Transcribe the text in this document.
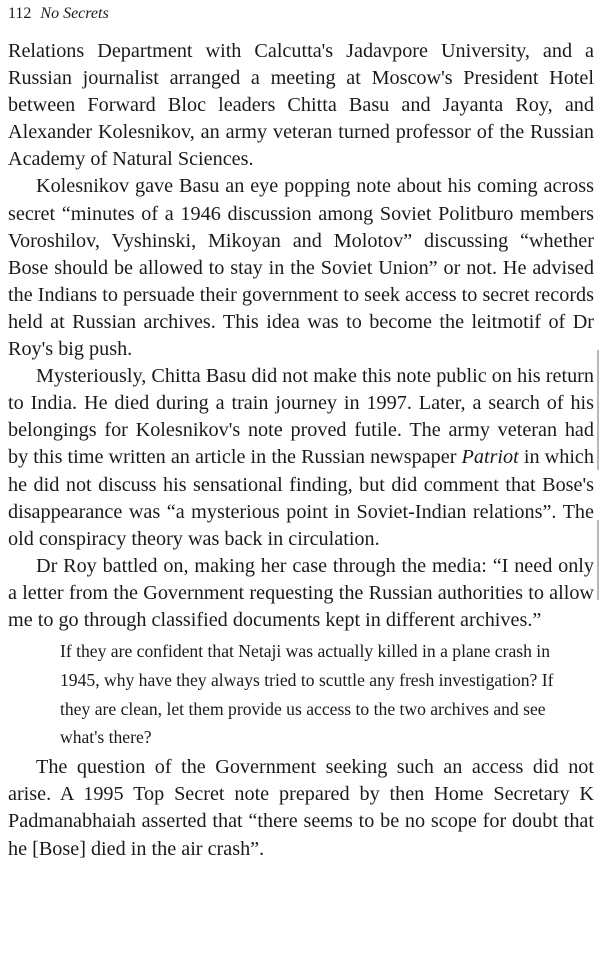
112 No Secrets

Relations Department with Calcutta's Jadavpore University, and a Russian journalist arranged a meeting at Moscow's President Hotel between Forward Bloc leaders Chitta Basu and Jayanta Roy, and Alexander Kolesnikov, an army veteran turned professor of the Russian Academy of Natural Sciences.

Kolesnikov gave Basu an eye popping note about his coming across secret “minutes of a 1946 discussion among Soviet Politburo members Voroshilov, Vyshinski, Mikoyan and Molotov” discussing “whether Bose should be allowed to stay in the Soviet Union” or not. He advised the Indians to persuade their government to seek access to secret records held at Russian archives. This idea was to become the leitmotif of Dr Roy's big push.

Mysteriously, Chitta Basu did not make this note public on his return to India. He died during a train journey in 1997. Later, a search of his belongings for Kolesnikov's note proved futile. The army veteran had by this time written an article in the Russian newspaper Patriot in which he did not discuss his sensational finding, but did comment that Bose's disappearance was “a mysterious point in Soviet-Indian relations”. The old conspiracy theory was back in circulation.

Dr Roy battled on, making her case through the media: “I need only a letter from the Government requesting the Russian authorities to allow me to go through classified documents kept in different archives.”

If they are confident that Netaji was actually killed in a plane crash in 1945, why have they always tried to scuttle any fresh investigation? If they are clean, let them provide us access to the two archives and see what's there?

The question of the Government seeking such an access did not arise. A 1995 Top Secret note prepared by then Home Secretary K Padmanabhaiah asserted that “there seems to be no scope for doubt that he [Bose] died in the air crash”.
